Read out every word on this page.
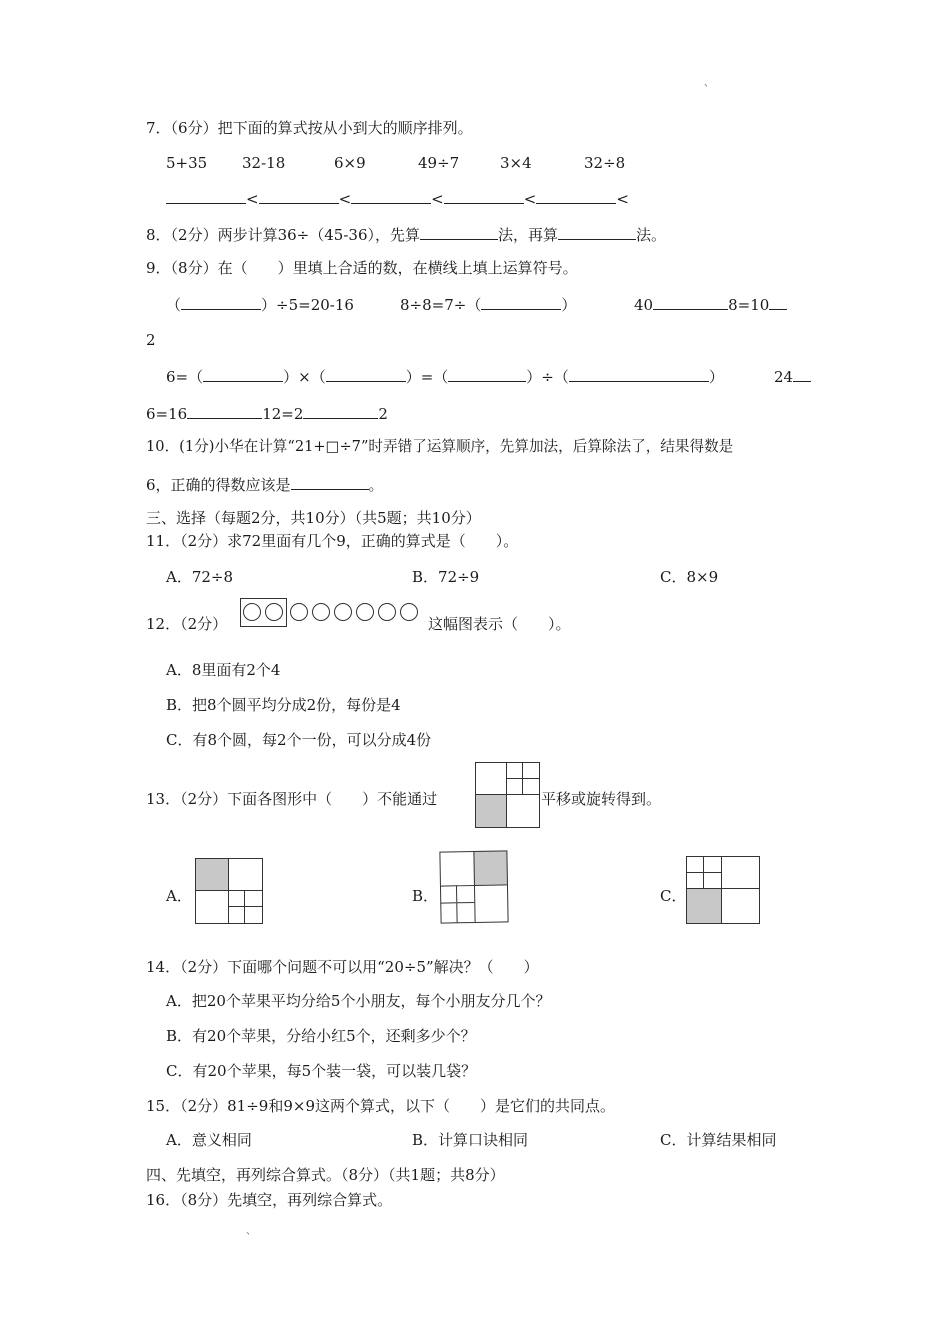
、
、
7．（6分）把下面的算式按从小到大的顺序排列。
5+35 32-18	6×9	49÷7	3×4	32÷8
<	<	<	<	<
8．（2分）两步计算36÷（45-36），先算	法，再算	法。
9．（8分）在（　　）里填上合适的数，在横线上填上运算符号。
（	）÷5=20-16	8÷8=7÷（	）	40	8=10
2
6=（	）×（	）=（	）÷（	）	24
6=16	12=2	2
10．(1分)小华在计算“21+□÷7”时弄错了运算顺序，先算加法，后算除法了，结果得数是
6，正确的得数应该是	。
三、选择（每题2分，共10分）（共5题；共10分）
11．（2分）求72里面有几个9，正确的算式是（　　）。
A．72÷8	B．72÷9	C．8×9
12．（2分）	这幅图表示（　　）。
A．8里面有2个4
B．把8个圆平均分成2份，每份是4
C．有8个圆，每2个一份，可以分成4份
13．（2分）下面各图形中（　　）不能通过	平移或旋转得到。
A．	B．	C．
14．（2分）下面哪个问题不可以用“20÷5”解决？（　　）
A．把20个苹果平均分给5个小朋友，每个小朋友分几个？
B．有20个苹果，分给小红5个，还剩多少个？
C．有20个苹果，每5个装一袋，可以装几袋？
15．（2分）81÷9和9×9这两个算式，以下（　　）是它们的共同点。
A．意义相同	B．计算口诀相同	C．计算结果相同
四、先填空，再列综合算式。（8分）（共1题；共8分）
16．（8分）先填空，再列综合算式。
